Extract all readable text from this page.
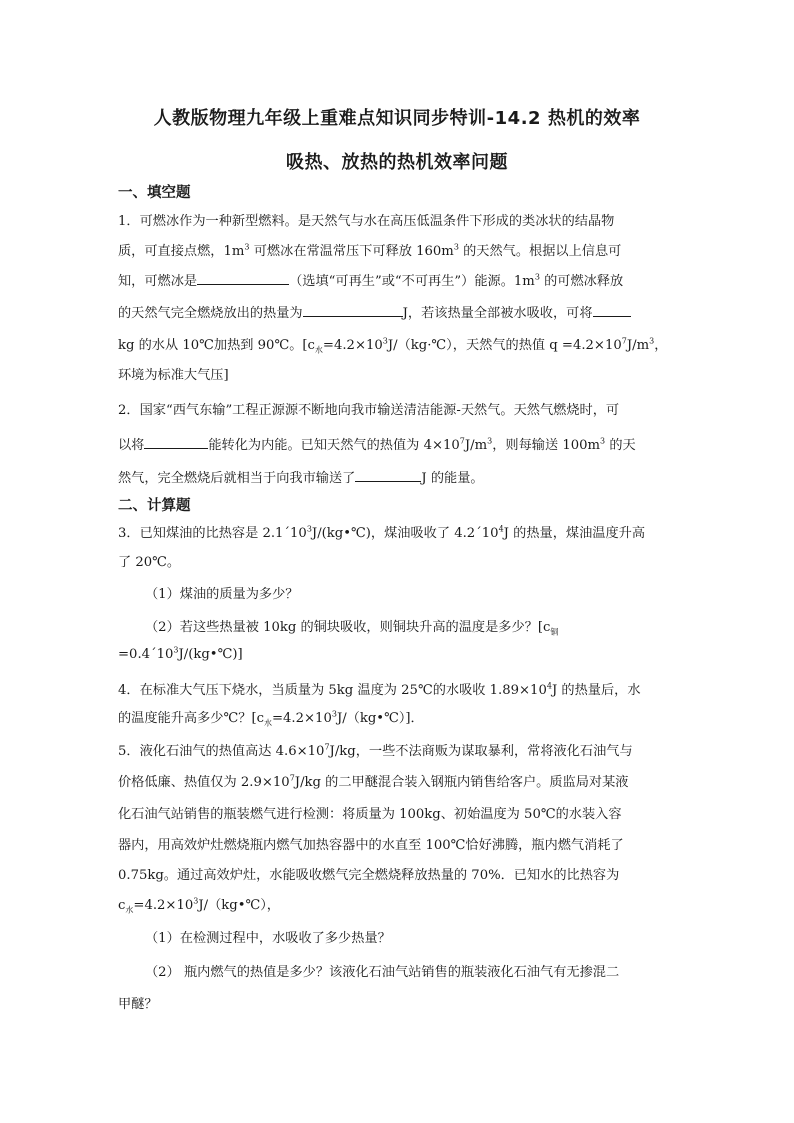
人教版物理九年级上重难点知识同步特训-14.2 热机的效率
吸热、放热的热机效率问题
一、填空题
1．可燃冰作为一种新型燃料。是天然气与水在高压低温条件下形成的类冰状的结晶物
质，可直接点燃，$1m^3$ 可燃冰在常温常压下可释放 $160m^3$ 的天然气。根据以上信息可
知，可燃冰是	（选填“可再生”或“不可再生”）能源。$1m^3$ 的可燃冰释放
的天然气完全燃烧放出的热量为	J，若该热量全部被水吸收，可将
kg 的水从 10℃加热到 90℃。[$c_水=4.2\times 10^3J/(kg\cdot℃)$，天然气的热值 $q =4.2\times 10^7J/m^3$，
环境为标准大气压]
2．国家“西气东输”工程正源源不断地向我市输送清洁能源-天然气。天然气燃烧时，可
以将	能转化为内能。已知天然气的热值为 $4\times 10^7J/m^3$，则每输送 $100m^3$ 的天
然气，完全燃烧后就相当于向我市输送了	J 的能量。
二、计算题
3．已知煤油的比热容是 $2.1´10^3J/(kg•℃)$，煤油吸收了 $4.2´10^4J$ 的热量，煤油温度升高
了 20℃。
（1）煤油的质量为多少？
（2）若这些热量被 10kg 的铜块吸收，则铜块升高的温度是多少？[$c_铜$
$=0.4´10^3J/(kg•℃)$]
4．在标准大气压下烧水，当质量为 5kg 温度为 25℃的水吸收 $1.89\times 10^4J$ 的热量后，水
的温度能升高多少℃？$[c_水=4.2\times 10^3J/(kg•℃)]$．
5．液化石油气的热值高达 $4.6\times 10^7J/kg$，一些不法商贩为谋取暴利，常将液化石油气与
价格低廉、热值仅为 $2.9\times 10^7J/kg$ 的二甲醚混合装入钢瓶内销售给客户。质监局对某液
化石油气站销售的瓶装燃气进行检测：将质量为 100kg、初始温度为 50℃的水装入容
器内，用高效炉灶燃烧瓶内燃气加热容器中的水直至 100℃恰好沸腾，瓶内燃气消耗了
0.75kg。通过高效炉灶，水能吸收燃气完全燃烧释放热量的 70%．已知水的比热容为
$c_水=4.2\times 10^3J/(kg•℃)$，
（1）在检测过程中，水吸收了多少热量？
（2） 瓶内燃气的热值是多少？该液化石油气站销售的瓶装液化石油气有无掺混二
甲醚？
